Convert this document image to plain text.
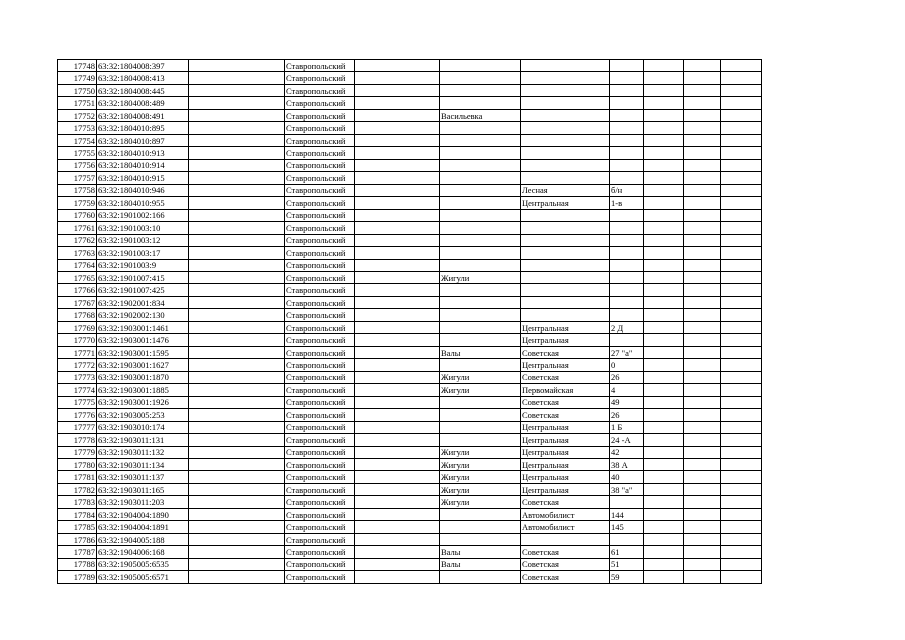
17748	63:32:1804008:397		Ставропольский							
17749	63:32:1804008:413		Ставропольский							
17750	63:32:1804008:445		Ставропольский							
17751	63:32:1804008:489		Ставропольский							
17752	63:32:1804008:491		Ставропольский		Васильевка					
17753	63:32:1804010:895		Ставропольский							
17754	63:32:1804010:897		Ставропольский							
17755	63:32:1804010:913		Ставропольский							
17756	63:32:1804010:914		Ставропольский							
17757	63:32:1804010:915		Ставропольский							
17758	63:32:1804010:946		Ставропольский			Лесная	б/н			
17759	63:32:1804010:955		Ставропольский			Центральная	1-в			
17760	63:32:1901002:166		Ставропольский							
17761	63:32:1901003:10		Ставропольский							
17762	63:32:1901003:12		Ставропольский							
17763	63:32:1901003:17		Ставропольский							
17764	63:32:1901003:9		Ставропольский							
17765	63:32:1901007:415		Ставропольский		Жигули					
17766	63:32:1901007:425		Ставропольский							
17767	63:32:1902001:834		Ставропольский							
17768	63:32:1902002:130		Ставропольский							
17769	63:32:1903001:1461		Ставропольский			Центральная	2 Д			
17770	63:32:1903001:1476		Ставропольский			Центральная				
17771	63:32:1903001:1595		Ставропольский		Валы	Советская	27 "а"			
17772	63:32:1903001:1627		Ставропольский			Центральная	0			
17773	63:32:1903001:1870		Ставропольский		Жигули	Советская	26			
17774	63:32:1903001:1885		Ставропольский		Жигули	Первомайская	4			
17775	63:32:1903001:1926		Ставропольский			Советская	49			
17776	63:32:1903005:253		Ставропольский			Советская	26			
17777	63:32:1903010:174		Ставропольский			Центральная	1 Б			
17778	63:32:1903011:131		Ставропольский			Центральная	24 -А			
17779	63:32:1903011:132		Ставропольский		Жигули	Центральная	42			
17780	63:32:1903011:134		Ставропольский		Жигули	Центральная	38 А			
17781	63:32:1903011:137		Ставропольский		Жигули	Центральная	40			
17782	63:32:1903011:165		Ставропольский		Жигули	Центральная	38 "а"			
17783	63:32:1903011:203		Ставропольский		Жигули	Советская				
17784	63:32:1904004:1890		Ставропольский			Автомобилист	144			
17785	63:32:1904004:1891		Ставропольский			Автомобилист	145			
17786	63:32:1904005:188		Ставропольский							
17787	63:32:1904006:168		Ставропольский		Валы	Советская	61			
17788	63:32:1905005:6535		Ставропольский		Валы	Советская	51			
17789	63:32:1905005:6571		Ставропольский			Советская	59			
